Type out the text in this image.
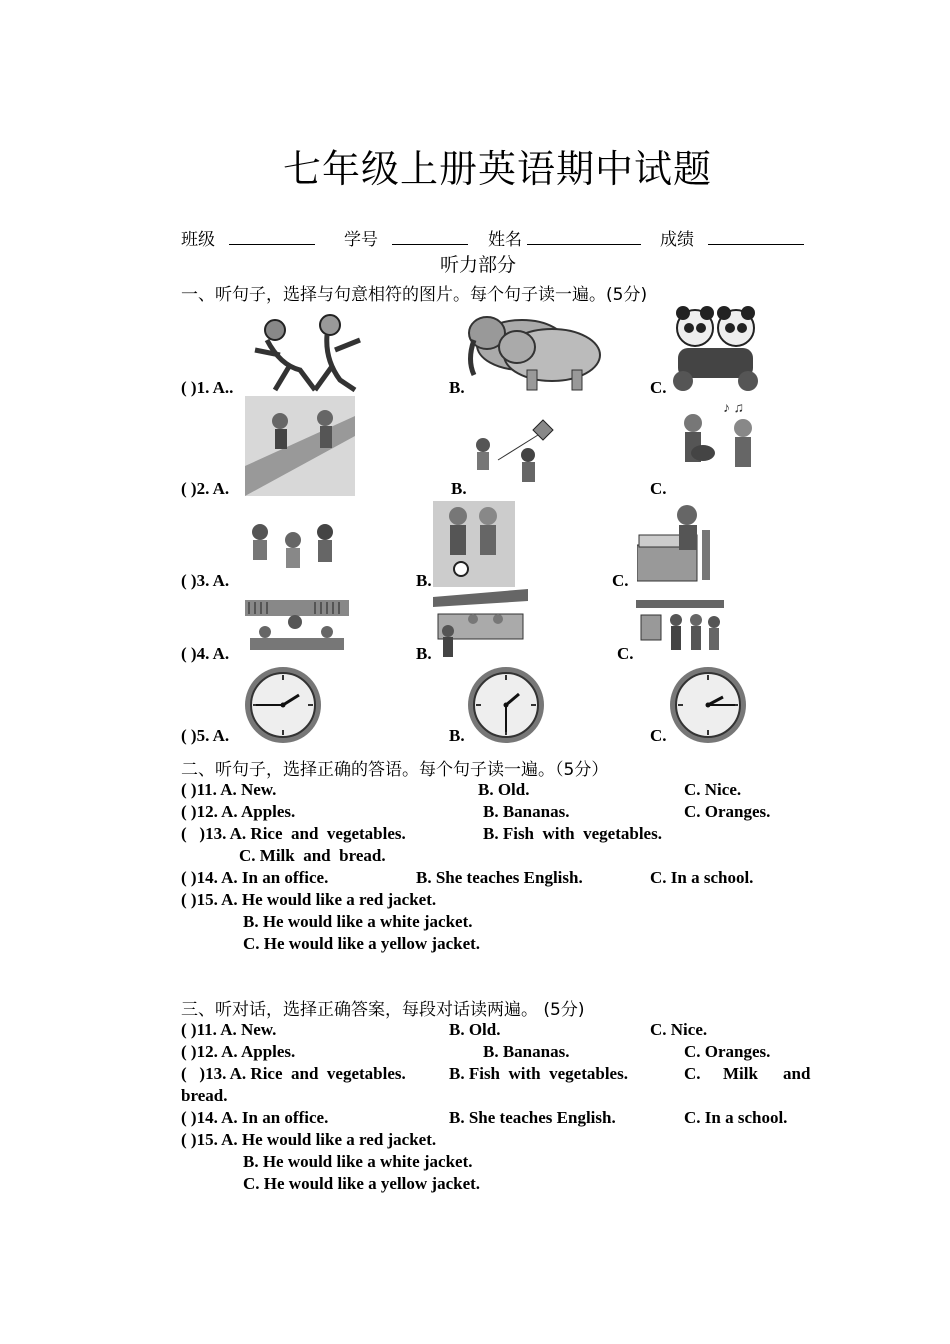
七年级上册英语期中试题
班级	学号	姓名	成绩
听力部分
一、听句子，选择与句意相符的图片。每个句子读一遍。(5分)
( )1. A..	B.	C.
( )2. A.	B.	C.
♪ ♫
( )3. A.	B.	C.
( )4. A.	B.	C.
( )5. A.	B.	C.
二、听句子，选择正确的答语。每个句子读一遍。（5分）
( )11. A. New.	B. Old.	C. Nice.
( )12. A. Apples.	B. Bananas.	C. Oranges.
(   )13. A. Rice  and  vegetables.	B. Fish  with  vegetables.
C. Milk  and  bread.
( )14. A. In an office.	B. She teaches English.	C. In a school.
( )15. A. He would like a red jacket.
B. He would like a white jacket.
C. He would like a yellow jacket.
三、听对话，选择正确答案，每段对话读两遍。 (5分)
( )11. A. New.	B. Old.	C. Nice.
( )12. A. Apples.	B. Bananas.	C. Oranges.
(   )13. A. Rice  and  vegetables.	B. Fish  with  vegetables.	C. Milk and
bread.
( )14. A. In an office.	B. She teaches English.	C. In a school.
( )15. A. He would like a red jacket.
B. He would like a white jacket.
C. He would like a yellow jacket.
